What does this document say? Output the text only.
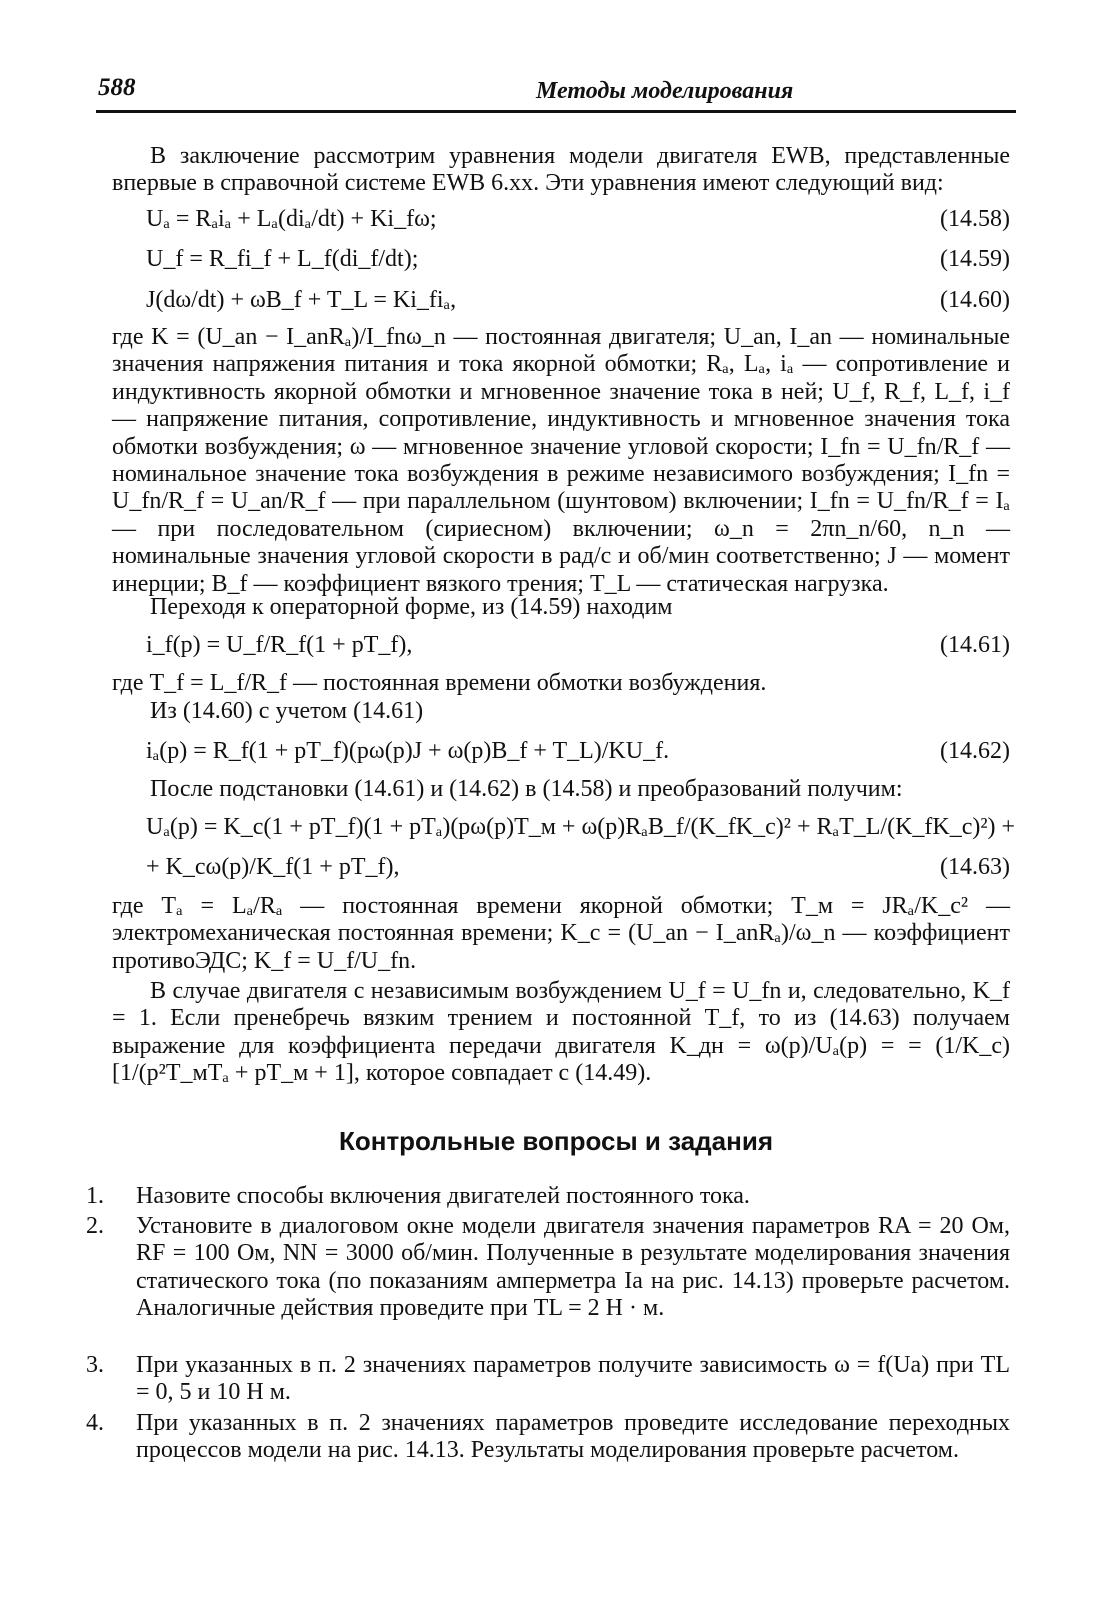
588	Методы моделирования
В заключение рассмотрим уравнения модели двигателя EWB, представленные впервые в справочной системе EWB 6.xx. Эти уравнения имеют следующий вид:
Uₐ = Rₐiₐ + Lₐ(diₐ/dt) + Ki_fω;	(14.58)
U_f = R_fi_f + L_f(di_f/dt);	(14.59)
J(dω/dt) + ωB_f + T_L = Ki_fiₐ,	(14.60)
где K = (U_an − I_anRₐ)/I_fnω_n — постоянная двигателя; U_an, I_an — номинальные значения напряжения питания и тока якорной обмотки; Rₐ, Lₐ, iₐ — сопротивление и индуктивность якорной обмотки и мгновенное значение тока в ней; U_f, R_f, L_f, i_f — напряжение питания, сопротивление, индуктивность и мгновенное значения тока обмотки возбуждения; ω — мгновенное значение угловой скорости; I_fn = U_fn/R_f — номинальное значение тока возбуждения в режиме независимого возбуждения; I_fn = U_fn/R_f = U_an/R_f — при параллельном (шунтовом) включении; I_fn = U_fn/R_f = Iₐ — при последовательном (сириесном) включении; ω_n = 2πn_n/60, n_n — номинальные значения угловой скорости в рад/с и об/мин соответственно; J — момент инерции; B_f — коэффициент вязкого трения; T_L — статическая нагрузка.
Переходя к операторной форме, из (14.59) находим
i_f(p) = U_f/R_f(1 + pT_f),	(14.61)
где T_f = L_f/R_f — постоянная времени обмотки возбуждения.
Из (14.60) с учетом (14.61)
iₐ(p) = R_f(1 + pT_f)(pω(p)J + ω(p)B_f + T_L)/KU_f.	(14.62)
После подстановки (14.61) и (14.62) в (14.58) и преобразований получим:
Uₐ(p) = K_c(1 + pT_f)(1 + pTₐ)(pω(p)T_м + ω(p)RₐB_f/(K_fK_c)² + RₐT_L/(K_fK_c)²) +
+ K_cω(p)/K_f(1 + pT_f),	(14.63)
где Tₐ = Lₐ/Rₐ — постоянная времени якорной обмотки; T_м = JRₐ/K_c² — электромеханическая постоянная времени; K_c = (U_an − I_anRₐ)/ω_n — коэффициент противоЭДС; K_f = U_f/U_fn.
В случае двигателя с независимым возбуждением U_f = U_fn и, следовательно, K_f = 1. Если пренебречь вязким трением и постоянной T_f, то из (14.63) получаем выражение для коэффициента передачи двигателя K_дн = ω(p)/Uₐ(p) = = (1/K_c)[1/(p²T_мTₐ + pT_м + 1], которое совпадает с (14.49).
Контрольные вопросы и задания
1.	Назовите способы включения двигателей постоянного тока.
2.	Установите в диалоговом окне модели двигателя значения параметров RA = 20 Ом, RF = 100 Ом, NN = 3000 об/мин. Полученные в результате моделирования значения статического тока (по показаниям амперметра Ia на рис. 14.13) проверьте расчетом. Аналогичные действия проведите при TL = 2 Н · м.
3.	При указанных в п. 2 значениях параметров получите зависимость ω = f(Ua) при TL = 0, 5 и 10 Н м.
4.	При указанных в п. 2 значениях параметров проведите исследование переходных процессов модели на рис. 14.13. Результаты моделирования проверьте расчетом.
